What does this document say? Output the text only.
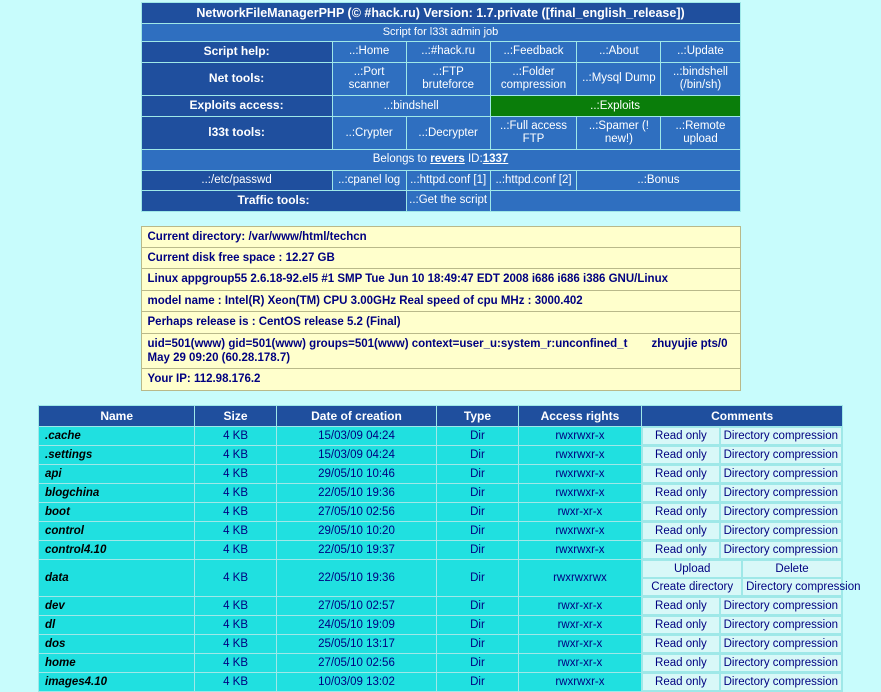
NetworkFileManagerPHP (© #hack.ru) Version: 1.7.private ([final_english_release])					
Script for l33t admin job					
Script help:	..:Home	..:#hack.ru	..:Feedback	..:About	..:Update
Net tools:	..:Port scanner	..:FTP bruteforce	..:Folder compression	..:Mysql Dump	..:bindshell (/bin/sh)
Exploits access:	..:bindshell		..:Exploits		
l33t tools:	..:Crypter	..:Decrypter	..:Full access FTP	..:Spamer (! new!)	..:Remote upload
Belongs to revers ID:1337					
..:/etc/passwd	..:cpanel log	..:httpd.conf [1]	..:httpd.conf [2]	..:Bonus	
Traffic tools:		..:Get the script			
Current directory: /var/www/html/techcn
Current disk free space : 12.27 GB
Linux appgroup55 2.6.18-92.el5 #1 SMP Tue Jun 10 18:49:47 EDT 2008 i686 i686 i386 GNU/Linux
model name : Intel(R) Xeon(TM) CPU 3.00GHz Real speed of cpu MHz : 3000.402
Perhaps release is : CentOS release 5.2 (Final)
uid=501(www) gid=501(www) groups=501(www) context=user_u:system_r:unconfined_t zhuyujie pts/0
May 29 09:20 (60.28.178.7)

Your IP: 112.98.176.2
Name	Size	Date of creation	Type	Access rights	Comments
.cache	4 KB	15/03/09 04:24	Dir	rwxrwxr-x	Read only Directory compression

.settings	4 KB	15/03/09 04:24	Dir	rwxrwxr-x	Read only Directory compression

api	4 KB	29/05/10 10:46	Dir	rwxrwxr-x	Read only Directory compression

blogchina	4 KB	22/05/10 19:36	Dir	rwxrwxr-x	Read only Directory compression

boot	4 KB	27/05/10 02:56	Dir	rwxr-xr-x	Read only Directory compression

control	4 KB	29/05/10 10:20	Dir	rwxrwxr-x	Read only Directory compression

control4.10	4 KB	22/05/10 19:37	Dir	rwxrwxr-x	Read only Directory compression

data	4 KB	22/05/10 19:36	Dir	rwxrwxrwx	Upload Delete
Create directory Directory compression

dev	4 KB	27/05/10 02:57	Dir	rwxr-xr-x	Read only Directory compression

dl	4 KB	24/05/10 19:09	Dir	rwxr-xr-x	Read only Directory compression

dos	4 KB	25/05/10 13:17	Dir	rwxr-xr-x	Read only Directory compression

home	4 KB	27/05/10 02:56	Dir	rwxr-xr-x	Read only Directory compression

images4.10	4 KB	10/03/09 13:02	Dir	rwxrwxr-x	Read only Directory compression
